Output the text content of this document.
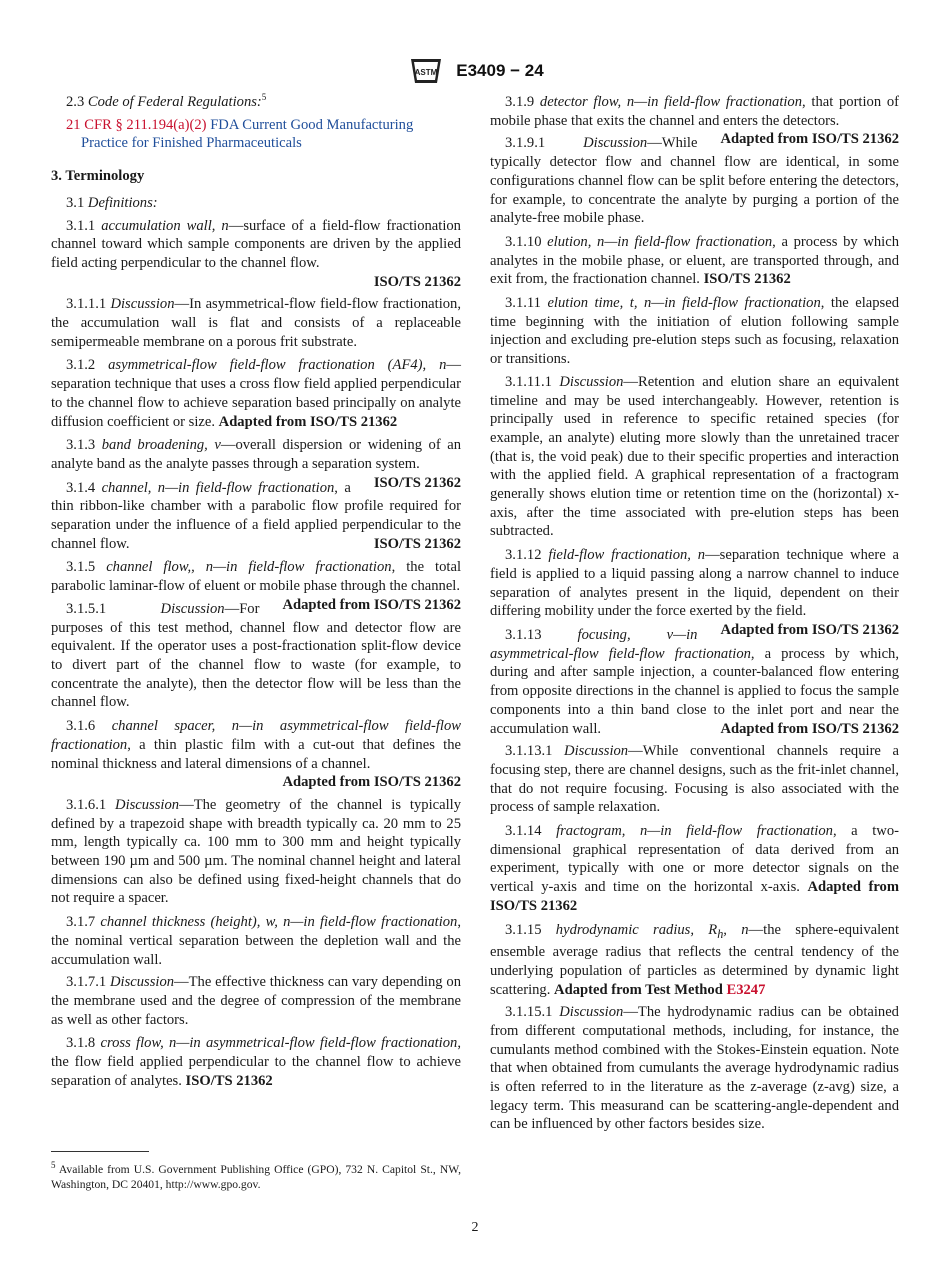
ASTM E3409 − 24

2.3 Code of Federal Regulations:$^5$

21 CFR § 211.194(a)(2) FDA Current Good Manufacturing Practice for Finished Pharmaceuticals

3. Terminology

3.1 Definitions:

3.1.1 accumulation wall, n—surface of a field-flow fractionation channel toward which sample components are driven by the applied field acting perpendicular to the channel flow.
ISO/TS 21362

3.1.1.1 Discussion—In asymmetrical-flow field-flow fractionation, the accumulation wall is flat and consists of a replaceable semipermeable membrane on a porous frit substrate.

3.1.2 asymmetrical-flow field-flow fractionation (AF4), n—separation technique that uses a cross flow field applied perpendicular to the channel flow to achieve separation based principally on analyte diffusion coefficient or size. Adapted from ISO/TS 21362

3.1.3 band broadening, v—overall dispersion or widening of an analyte band as the analyte passes through a separation system.
ISO/TS 21362

3.1.4 channel, n—in field-flow fractionation, a thin ribbon-like chamber with a parabolic flow profile required for separation under the influence of a field applied perpendicular to the channel flow.	ISO/TS 21362

3.1.5 channel flow,, n—in field-flow fractionation, the total parabolic laminar-flow of eluent or mobile phase through the channel.
Adapted from ISO/TS 21362

3.1.5.1	Discussion—For purposes of this test method, channel flow and detector flow are equivalent. If the operator uses a post-fractionation split-flow device to divert part of the channel flow to waste (for example, to concentrate the analyte), then the detector flow will be less than the channel flow.

3.1.6 channel spacer, n—in asymmetrical-flow field-flow fractionation, a thin plastic film with a cut-out that defines the nominal thickness and lateral dimensions of a channel.
Adapted from ISO/TS 21362

3.1.6.1 Discussion—The geometry of the channel is typically defined by a trapezoid shape with breadth typically ca. 20 mm to 25 mm, length typically ca. 100 mm to 300 mm and height typically between 190 µm and 500 µm. The nominal channel height and lateral dimensions can also be defined using fixed-height channels that do not require a spacer.

3.1.7 channel thickness (height), w, n—in field-flow fractionation, the nominal vertical separation between the depletion wall and the accumulation wall.

3.1.7.1 Discussion—The effective thickness can vary depending on the membrane used and the degree of compression of the membrane as well as other factors.

3.1.8 cross flow, n—in asymmetrical-flow field-flow fractionation, the flow field applied perpendicular to the channel flow to achieve separation of analytes. ISO/TS 21362

3.1.9 detector flow, n—in field-flow fractionation, that portion of mobile phase that exits the channel and enters the detectors.
Adapted from ISO/TS 21362

3.1.9.1	Discussion—While typically detector flow and channel flow are identical, in some configurations channel flow can be split before entering the detectors, for example, to concentrate the analyte by purging a portion of the analyte-free mobile phase.

3.1.10 elution, n—in field-flow fractionation, a process by which analytes in the mobile phase, or eluent, are transported through, and exit from, the fractionation channel. ISO/TS 21362

3.1.11 elution time, t, n—in field-flow fractionation, the elapsed time beginning with the initiation of elution following sample injection and excluding pre-elution steps such as focusing, relaxation or transitions.

3.1.11.1 Discussion—Retention and elution share an equivalent timeline and may be used interchangeably. However, retention is principally used in reference to specific retained species (for example, an analyte) eluting more slowly than the unretained tracer (that is, the void peak) due to their specific properties and interaction with the applied field. A graphical representation of a fractogram generally shows elution time or retention time on the (horizontal) x-axis, after the time associated with pre-elution steps has been subtracted.

3.1.12 field-flow fractionation, n—separation technique where a field is applied to a liquid passing along a narrow channel to induce separation of analytes present in the liquid, dependent on their differing mobility under the force exerted by the field.
Adapted from ISO/TS 21362

3.1.13 focusing, v—in asymmetrical-flow field-flow fractionation, a process by which, during and after sample injection, a counter-balanced flow entering from opposite directions in the channel is applied to focus the sample components into a thin band close to the inlet port and near the accumulation wall.	Adapted from ISO/TS 21362

3.1.13.1 Discussion—While conventional channels require a focusing step, there are channel designs, such as the frit-inlet channel, that do not require focusing. Focusing is also associated with the process of sample relaxation.

3.1.14 fractogram, n—in field-flow fractionation, a two-dimensional graphical representation of data derived from an experiment, typically with one or more detector signals on the vertical y-axis and time on the horizontal x-axis. Adapted from ISO/TS 21362

3.1.15 hydrodynamic radius, $R_h$, n—the sphere-equivalent ensemble average radius that reflects the central tendency of the underlying population of particles as determined by dynamic light scattering. Adapted from Test Method E3247

3.1.15.1 Discussion—The hydrodynamic radius can be obtained from different computational methods, including, for instance, the cumulants method combined with the Stokes-Einstein equation. Note that when obtained from cumulants the average hydrodynamic radius is often referred to in the literature as the z-average (z-avg) size, a legacy term. This measurand can be scattering-angle-dependent and can be influenced by other factors besides size.

$^5$ Available from U.S. Government Publishing Office (GPO), 732 N. Capitol St., NW, Washington, DC 20401, http://www.gpo.gov.
2
